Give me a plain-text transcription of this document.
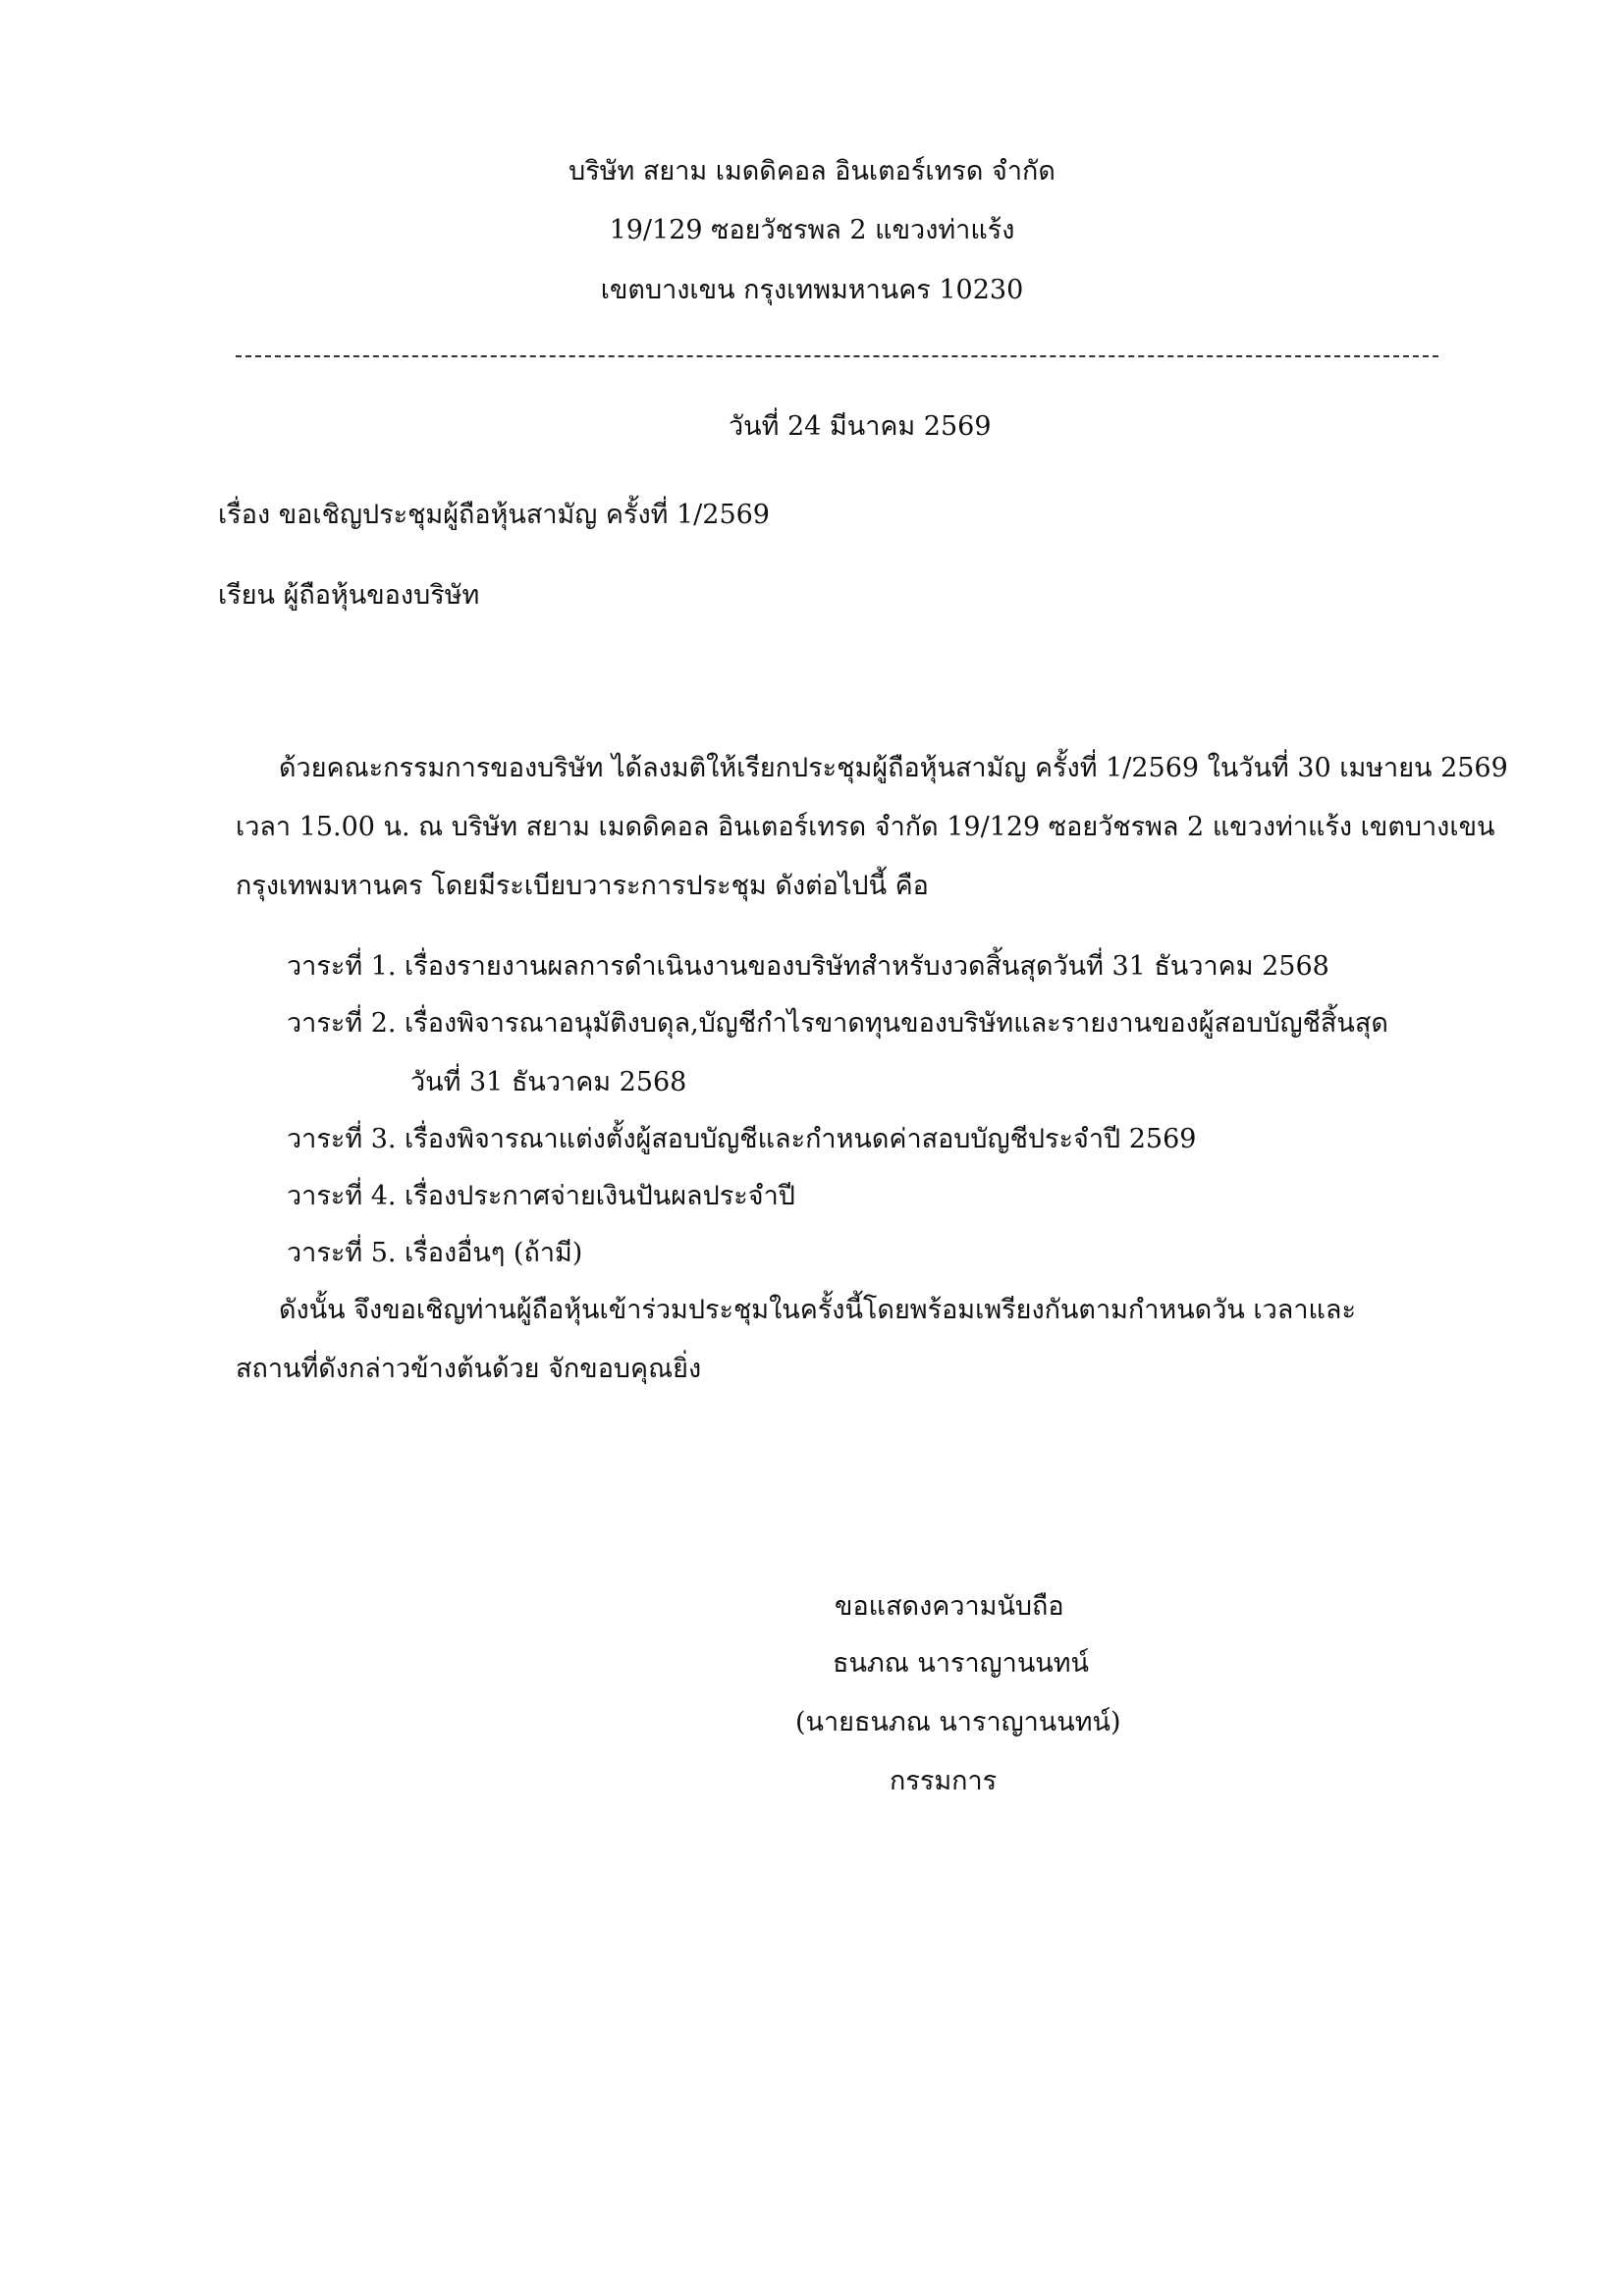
บริษัท สยาม เมดดิคอล อินเตอร์เทรด จำกัด
19/129 ซอยวัชรพล 2 แขวงท่าแร้ง
เขตบางเขน กรุงเทพมหานคร 10230
วันที่ 24 มีนาคม 2569
เรื่อง ขอเชิญประชุมผู้ถือหุ้นสามัญ ครั้งที่ 1/2569
เรียน ผู้ถือหุ้นของบริษัท
ด้วยคณะกรรมการของบริษัท ได้ลงมติให้เรียกประชุมผู้ถือหุ้นสามัญ ครั้งที่ 1/2569 ในวันที่ 30 เมษายน 2569
เวลา 15.00 น. ณ บริษัท สยาม เมดดิคอล อินเตอร์เทรด จำกัด 19/129 ซอยวัชรพล 2 แขวงท่าแร้ง เขตบางเขน
กรุงเทพมหานคร โดยมีระเบียบวาระการประชุม ดังต่อไปนี้ คือ
วาระที่ 1. เรื่องรายงานผลการดำเนินงานของบริษัทสำหรับงวดสิ้นสุดวันที่ 31 ธันวาคม 2568
วาระที่ 2. เรื่องพิจารณาอนุมัติงบดุล,บัญชีกำไรขาดทุนของบริษัทและรายงานของผู้สอบบัญชีสิ้นสุด
วันที่ 31 ธันวาคม 2568
วาระที่ 3. เรื่องพิจารณาแต่งตั้งผู้สอบบัญชีและกำหนดค่าสอบบัญชีประจำปี 2569
วาระที่ 4. เรื่องประกาศจ่ายเงินปันผลประจำปี
วาระที่ 5. เรื่องอื่นๆ (ถ้ามี)
ดังนั้น จึงขอเชิญท่านผู้ถือหุ้นเข้าร่วมประชุมในครั้งนี้โดยพร้อมเพรียงกันตามกำหนดวัน เวลาและ
สถานที่ดังกล่าวข้างต้นด้วย จักขอบคุณยิ่ง
ขอแสดงความนับถือ
ธนภณ นาราญานนทน์
(นายธนภณ นาราญานนทน์)
กรรมการ
